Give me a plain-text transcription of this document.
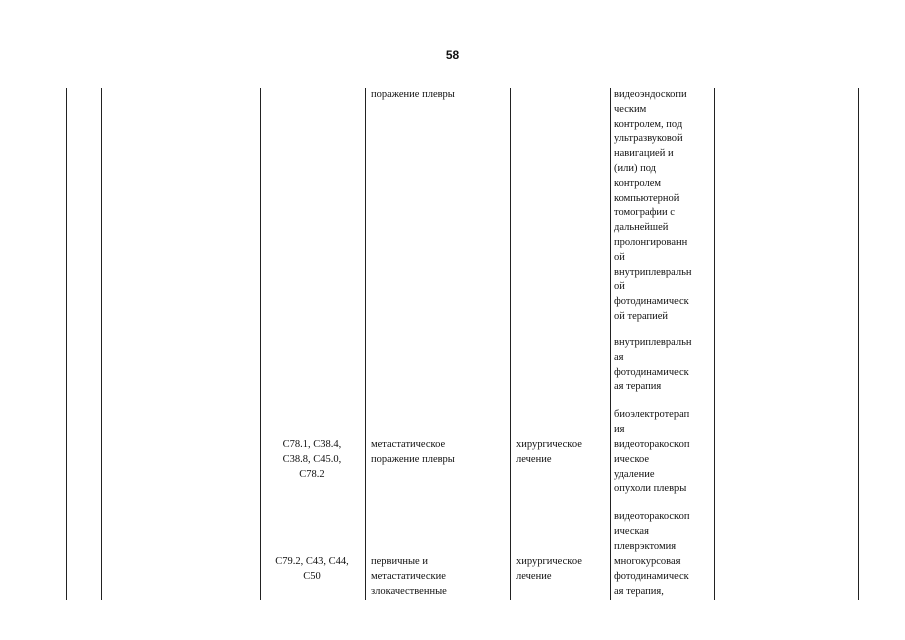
58
поражение плевры	видеоэндоскопи
ческим
контролем, под
ультразвуковой
навигацией и
(или) под
контролем
компьютерной
томографии с
дальнейшей
пролонгированн
ой
внутриплевральн
ой
фотодинамическ
ой терапией
внутриплевральн
ая
фотодинамическ
ая терапия
биоэлектротерап
ия
C78.1, C38.4,
C38.8, C45.0,
C78.2
метастатическое
поражение плевры
хирургическое
лечение
видеоторакоскоп
ическое
удаление
опухоли плевры
видеоторакоскоп
ическая
плеврэктомия
C79.2, C43, C44,
C50
первичные и
метастатические
злокачественные
хирургическое
лечение
многокурсовая
фотодинамическ
ая терапия,
